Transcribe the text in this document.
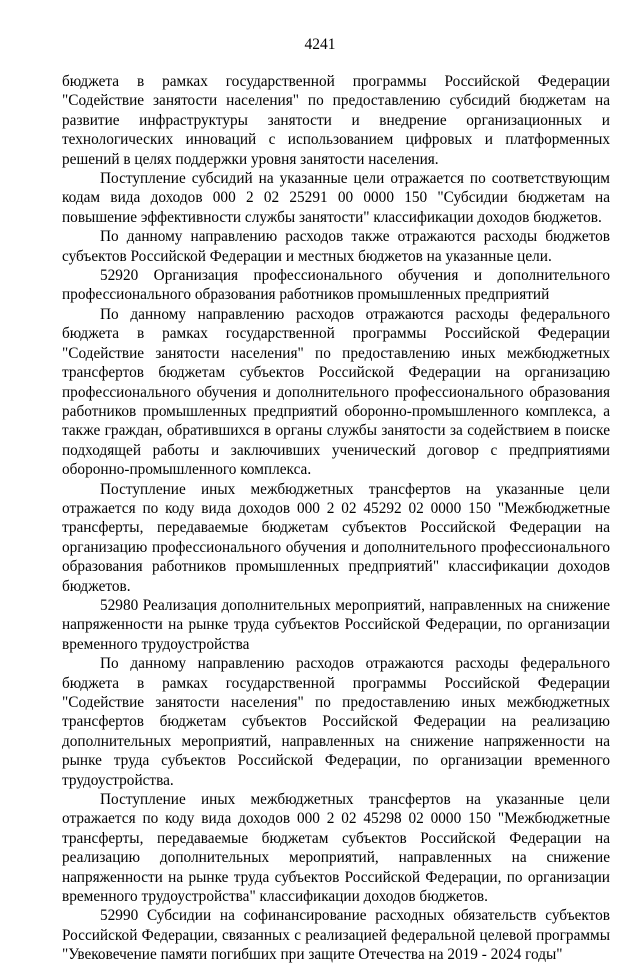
4241

бюджета в рамках государственной программы Российской Федерации "Содействие занятости населения" по предоставлению субсидий бюджетам на развитие инфраструктуры занятости и внедрение организационных и технологических инноваций с использованием цифровых и платформенных решений в целях поддержки уровня занятости населения.

Поступление субсидий на указанные цели отражается по соответствующим кодам вида доходов 000 2 02 25291 00 0000 150 "Субсидии бюджетам на повышение эффективности службы занятости" классификации доходов бюджетов.

По данному направлению расходов также отражаются расходы бюджетов субъектов Российской Федерации и местных бюджетов на указанные цели.

52920 Организация профессионального обучения и дополнительного профессионального образования работников промышленных предприятий

По данному направлению расходов отражаются расходы федерального бюджета в рамках государственной программы Российской Федерации "Содействие занятости населения" по предоставлению иных межбюджетных трансфертов бюджетам субъектов Российской Федерации на организацию профессионального обучения и дополнительного профессионального образования работников промышленных предприятий оборонно-промышленного комплекса, а также граждан, обратившихся в органы службы занятости за содействием в поиске подходящей работы и заключивших ученический договор с предприятиями оборонно-промышленного комплекса.

Поступление иных межбюджетных трансфертов на указанные цели отражается по коду вида доходов 000 2 02 45292 02 0000 150 "Межбюджетные трансферты, передаваемые бюджетам субъектов Российской Федерации на организацию профессионального обучения и дополнительного профессионального образования работников промышленных предприятий" классификации доходов бюджетов.

52980 Реализация дополнительных мероприятий, направленных на снижение напряженности на рынке труда субъектов Российской Федерации, по организации временного трудоустройства

По данному направлению расходов отражаются расходы федерального бюджета в рамках государственной программы Российской Федерации "Содействие занятости населения" по предоставлению иных межбюджетных трансфертов бюджетам субъектов Российской Федерации на реализацию дополнительных мероприятий, направленных на снижение напряженности на рынке труда субъектов Российской Федерации, по организации временного трудоустройства.

Поступление иных межбюджетных трансфертов на указанные цели отражается по коду вида доходов 000 2 02 45298 02 0000 150 "Межбюджетные трансферты, передаваемые бюджетам субъектов Российской Федерации на реализацию дополнительных мероприятий, направленных на снижение напряженности на рынке труда субъектов Российской Федерации, по организации временного трудоустройства" классификации доходов бюджетов.

52990 Субсидии на софинансирование расходных обязательств субъектов Российской Федерации, связанных с реализацией федеральной целевой программы "Увековечение памяти погибших при защите Отечества на 2019 - 2024 годы"
